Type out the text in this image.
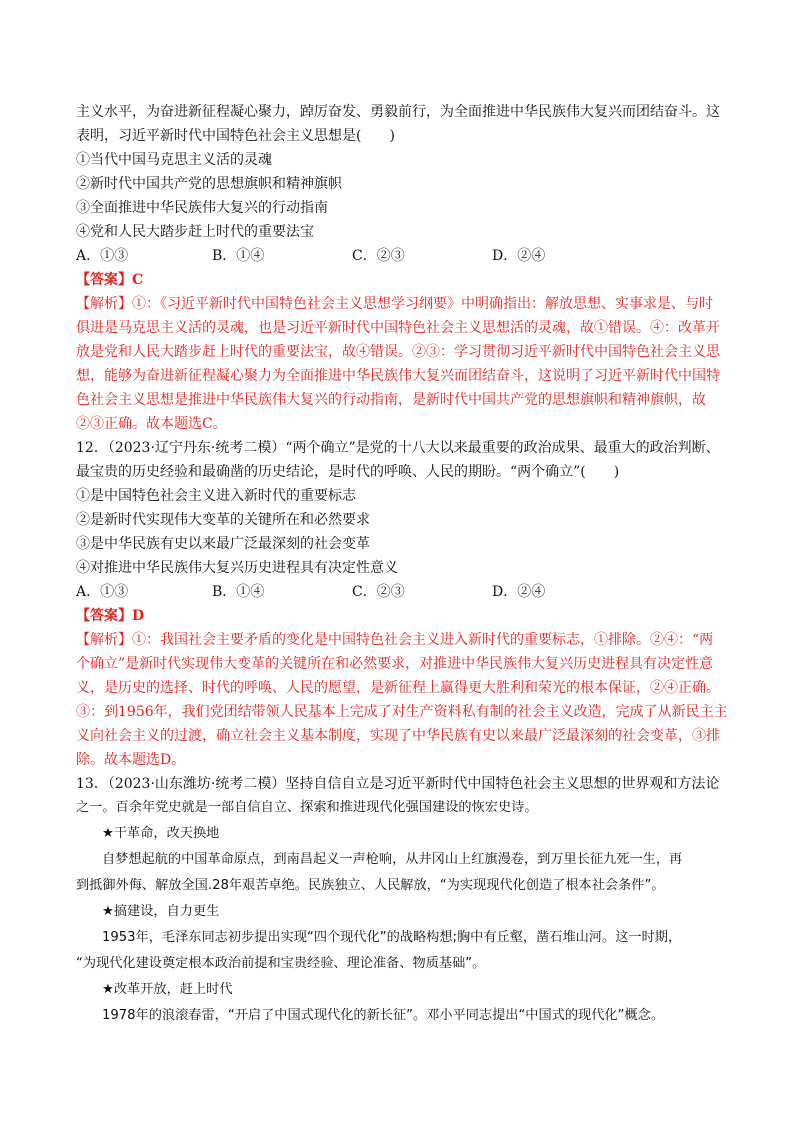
主义水平，为奋进新征程凝心聚力，踔厉奋发、勇毅前行，为全面推进中华民族伟大复兴而团结奋斗。这
表明，习近平新时代中国特色社会主义思想是(　　)
①当代中国马克思主义活的灵魂
②新时代中国共产党的思想旗帜和精神旗帜
③全面推进中华民族伟大复兴的行动指南
④党和人民大踏步赶上时代的重要法宝
A．①③	B．①④	C．②③	D．②④
【答案】C
【解析】①：《习近平新时代中国特色社会主义思想学习纲要》中明确指出：解放思想、实事求是、与时
俱进是马克思主义活的灵魂，也是习近平新时代中国特色社会主义思想活的灵魂，故①错误。④：改革开
放是党和人民大踏步赶上时代的重要法宝，故④错误。②③：学习贯彻习近平新时代中国特色社会主义思
想，能够为奋进新征程凝心聚力为全面推进中华民族伟大复兴而团结奋斗，这说明了习近平新时代中国特
色社会主义思想是推进中华民族伟大复兴的行动指南，是新时代中国共产党的思想旗帜和精神旗帜，故
②③正确。故本题选C。
12．（2023·辽宁丹东·统考二模）“两个确立”是党的十八大以来最重要的政治成果、最重大的政治判断、
最宝贵的历史经验和最确凿的历史结论，是时代的呼唤、人民的期盼。“两个确立”(　　)
①是中国特色社会主义进入新时代的重要标志
②是新时代实现伟大变革的关键所在和必然要求
③是中华民族有史以来最广泛最深刻的社会变革
④对推进中华民族伟大复兴历史进程具有决定性意义
A．①③	B．①④	C．②③	D．②④
【答案】D
【解析】①：我国社会主要矛盾的变化是中国特色社会主义进入新时代的重要标志，①排除。②④：“两
个确立”是新时代实现伟大变革的关键所在和必然要求，对推进中华民族伟大复兴历史进程具有决定性意
义，是历史的选择、时代的呼唤、人民的愿望，是新征程上赢得更大胜利和荣光的根本保证，②④正确。
③：到1956年，我们党团结带领人民基本上完成了对生产资料私有制的社会主义改造，完成了从新民主主
义向社会主义的过渡，确立社会主义基本制度，实现了中华民族有史以来最广泛最深刻的社会变革，③排
除。故本题选D。
13．（2023·山东潍坊·统考二模）坚持自信自立是习近平新时代中国特色社会主义思想的世界观和方法论
之一。百余年党史就是一部自信自立、探索和推进现代化强国建设的恢宏史诗。
★干革命，改天换地
自梦想起航的中国革命原点，到南昌起义一声枪响，从井冈山上红旗漫卷，到万里长征九死一生，再
到抵御外侮、解放全国.28年艰苦卓绝。民族独立、人民解放，“为实现现代化创造了根本社会条件”。
★搞建设，自力更生
1953年，毛泽东同志初步提出实现“四个现代化”的战略构想;胸中有丘壑，凿石堆山河。这一时期，
“为现代化建设奠定根本政治前提和宝贵经验、理论准备、物质基础”。
★改革开放，赶上时代
1978年的浪滚春雷，“开启了中国式现代化的新长征”。邓小平同志提出“中国式的现代化”概念。
